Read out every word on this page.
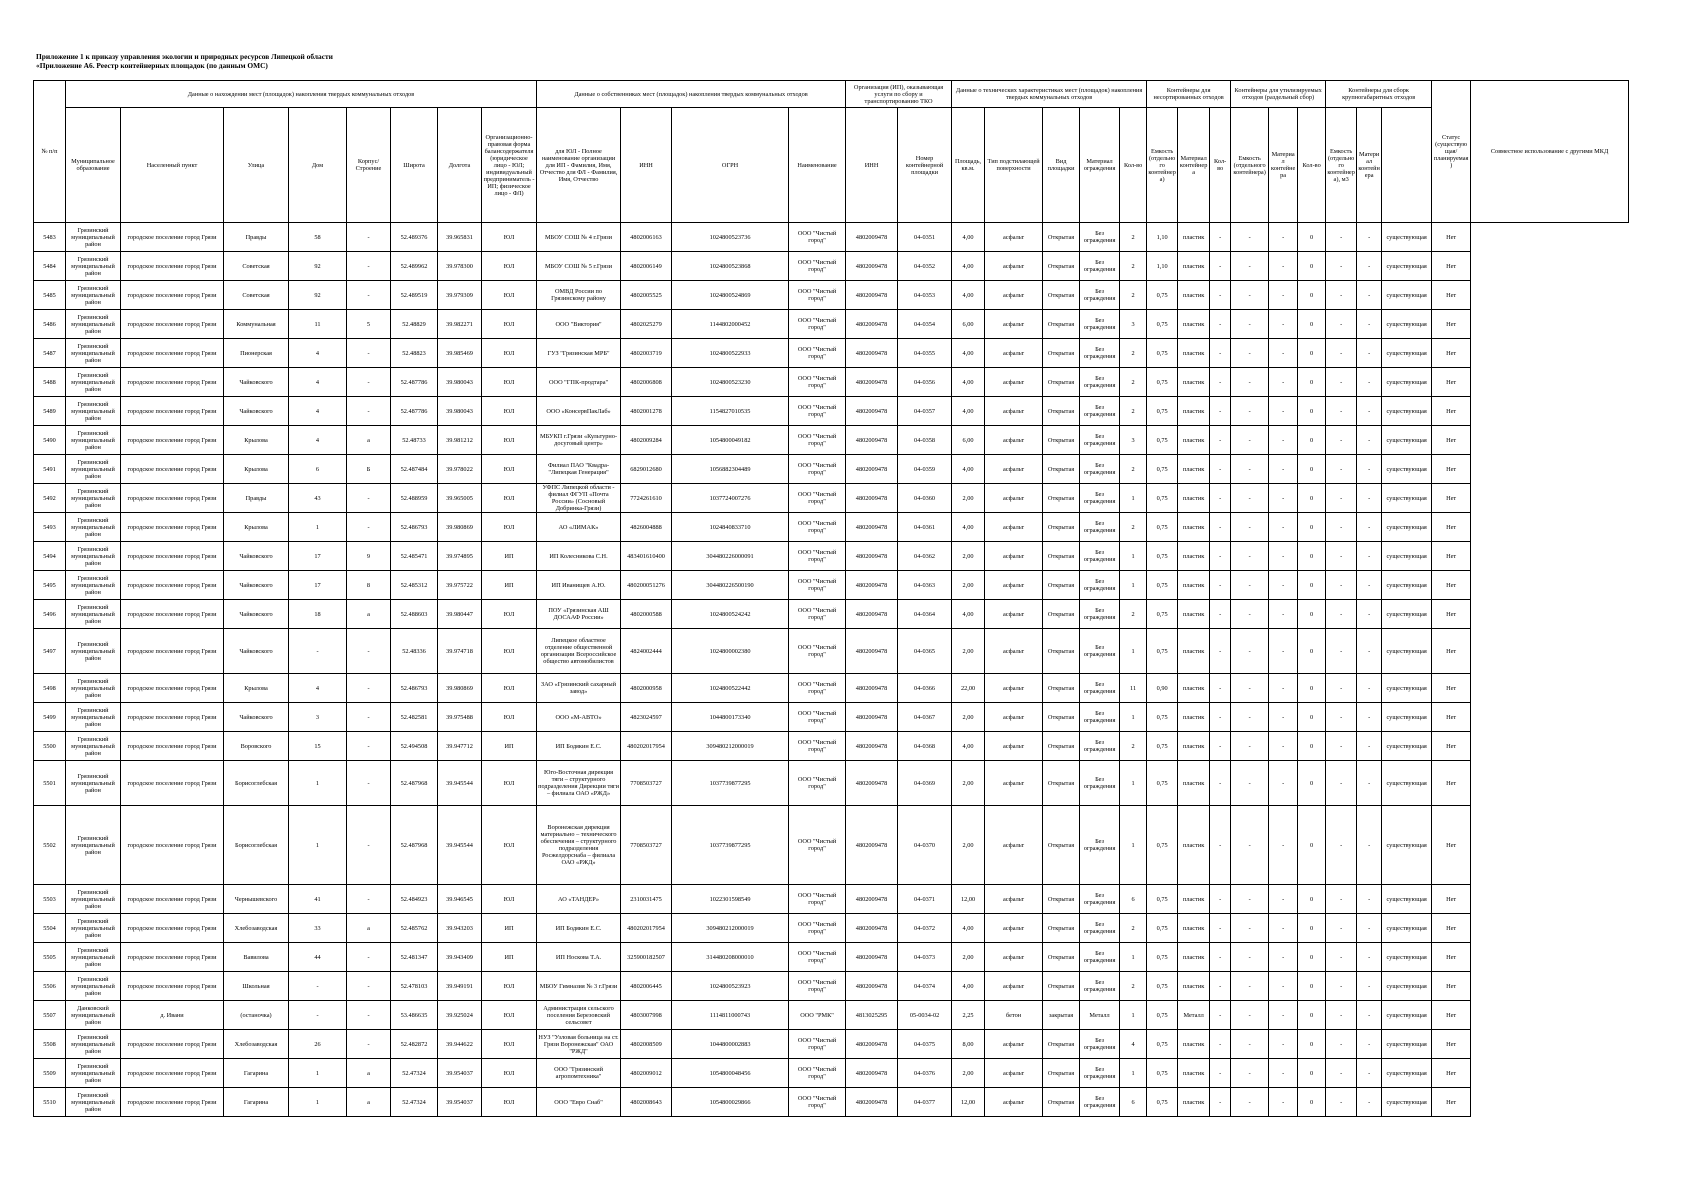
Приложение 1 к приказу управления экологии и природных ресурсов Липецкой области
«Приложение А6. Реестр контейнерных площадок (по данным ОМС)
№ п/п	Данные о нахождении мест (площадок) накопления твердых коммунальных отходов								Данные о собственниках мест (площадок) накопления твердых коммунальных отходов				Организация (ИП), оказывающая услуги по сбору и транспортированию ТКО		Данные о технических характеристиках мест (площадок) накопления твердых коммунальных отходов					Контейнеры для несортированных отходов			Контейнеры для утилизируемых отходов (раздельный сбор)			Контейнеры для сборк крупногабаритных отходов			Статус (существующая/ планируемая)	Совместное использование с другими МКД
	Муниципальное образование	Населенный пункт	Улица	Дом	Корпус/Строение	Широта	Долгота	Организационно-правовая форма балансодержателя (юридическое лицо - ЮЛ; индивидуальный предприниматель - ИП; физическое лицо - ФЛ)	для ЮЛ - Полное наименование организации для ИП - Фамилия, Имя, Отчество для ФЛ - Фамилия, Имя, Отчество	ИНН	ОГРН	Наименование	ИНН	Номер контейнерной площадки	Площадь, кв.м.	Тип подстилающей поверхности	Вид площадки	Материал ограждения	Кол-во	Емкость (отдельного контейнера)	Материал контейнера	Кол-во	Емкость (отдельного контейнера)	Материал контейнера	Кол-во	Емкость (отдельного контейнера), м3	Материал контейнера			
5483	Грязинский муниципальный район	городское поселение город Грязи	Правды	58	-	52.489376	39.965831	ЮЛ	МБОУ СОШ № 4 г.Грязи	4802006163	1024800523736	ООО "Чистый город"	4802009478	04-0351	4,00	асфальт	Открытая	Без ограждения	2	1,10	пластик	-	-	-	0	-	-	существующая	Нет	
5484	Грязинский муниципальный район	городское поселение город Грязи	Советская	92	-	52.489962	39.978300	ЮЛ	МБОУ СОШ № 5 г.Грязи	4802006149	1024800523868	ООО "Чистый город"	4802009478	04-0352	4,00	асфальт	Открытая	Без ограждения	2	1,10	пластик	-	-	-	0	-	-	существующая	Нет	
5485	Грязинский муниципальный район	городское поселение город Грязи	Советская	92	-	52.489519	39.979309	ЮЛ	ОМВД России по Грязинскому району	4802005525	1024800524869	ООО "Чистый город"	4802009478	04-0353	4,00	асфальт	Открытая	Без ограждения	2	0,75	пластик	-	-	-	0	-	-	существующая	Нет	
5486	Грязинский муниципальный район	городское поселение город Грязи	Коммунальная	11	5	52.48829	39.982271	ЮЛ	ООО "Виктория"	4802025279	1144802000452	ООО "Чистый город"	4802009478	04-0354	6,00	асфальт	Открытая	Без ограждения	3	0,75	пластик	-	-	-	0	-	-	существующая	Нет	
5487	Грязинский муниципальный район	городское поселение город Грязи	Пионерская	4	-	52.48823	39.985469	ЮЛ	ГУЗ "Грязинская МРБ"	4802003719	1024800522933	ООО "Чистый город"	4802009478	04-0355	4,00	асфальт	Открытая	Без ограждения	2	0,75	пластик	-	-	-	0	-	-	существующая	Нет	
5488	Грязинский муниципальный район	городское поселение город Грязи	Чайковского	4	-	52.487786	39.980043	ЮЛ	ООО "ГПК-продтара"	4802006808	1024800523230	ООО "Чистый город"	4802009478	04-0356	4,00	асфальт	Открытая	Без ограждения	2	0,75	пластик	-	-	-	0	-	-	существующая	Нет	
5489	Грязинский муниципальный район	городское поселение город Грязи	Чайковского	4	-	52.487786	39.980043	ЮЛ	ООО «КонсервПакЛаб»	4802001278	1154827010535	ООО "Чистый город"	4802009478	04-0357	4,00	асфальт	Открытая	Без ограждения	2	0,75	пластик	-	-	-	0	-	-	существующая	Нет	
5490	Грязинский муниципальный район	городское поселение город Грязи	Крылова	4	а	52.48733	39.981212	ЮЛ	МБУКП г.Грязи «Культурно-досуговый центр»	4802009284	1054800049182	ООО "Чистый город"	4802009478	04-0358	6,00	асфальт	Открытая	Без ограждения	3	0,75	пластик	-	-	-	0	-	-	существующая	Нет	
5491	Грязинский муниципальный район	городское поселение город Грязи	Крылова	6	Б	52.487484	39.978022	ЮЛ	Филиал ПАО "Квадра-"Липецкая Генерация"	6829012680	1056882304489	ООО "Чистый город"	4802009478	04-0359	4,00	асфальт	Открытая	Без ограждения	2	0,75	пластик	-	-	-	0	-	-	существующая	Нет	
5492	Грязинский муниципальный район	городское поселение город Грязи	Правды	43	-	52.488959	39.965005	ЮЛ	УФПС Липецкой области - филиал ФГУП «Почта России» (Сосновый Добринка-Грязи)	7724261610	1037724007276	ООО "Чистый город"	4802009478	04-0360	2,00	асфальт	Открытая	Без ограждения	1	0,75	пластик	-	-	-	0	-	-	существующая	Нет	
5493	Грязинский муниципальный район	городское поселение город Грязи	Крылова	1	-	52.486793	39.980869	ЮЛ	АО «ЛИМАК»	4826004888	1024840833710	ООО "Чистый город"	4802009478	04-0361	4,00	асфальт	Открытая	Без ограждения	2	0,75	пластик	-	-	-	0	-	-	существующая	Нет	
5494	Грязинский муниципальный район	городское поселение город Грязи	Чайковского	17	9	52.485471	39.974895	ИП	ИП Колесникова С.Н.	483401610400	304480226000091	ООО "Чистый город"	4802009478	04-0362	2,00	асфальт	Открытая	Без ограждения	1	0,75	пластик	-	-	-	0	-	-	существующая	Нет	
5495	Грязинский муниципальный район	городское поселение город Грязи	Чайковского	17	8	52.485312	39.975722	ИП	ИП Иванищев А.Ю.	480200051276	304480226500190	ООО "Чистый город"	4802009478	04-0363	2,00	асфальт	Открытая	Без ограждения	1	0,75	пластик	-	-	-	0	-	-	существующая	Нет	
5496	Грязинский муниципальный район	городское поселение город Грязи	Чайковского	18	а	52.488603	39.980447	ЮЛ	ПОУ «Грязинская АШ ДОСААФ России»	4802000588	1024800524242	ООО "Чистый город"	4802009478	04-0364	4,00	асфальт	Открытая	Без ограждения	2	0,75	пластик	-	-	-	0	-	-	существующая	Нет	
5497	Грязинский муниципальный район	городское поселение город Грязи	Чайковского	-	-	52.48336	39.974718	ЮЛ	Липецкое областное отделение общественной организации Всероссийское общество автомобилистов	4824002444	1024800002380	ООО "Чистый город"	4802009478	04-0365	2,00	асфальт	Открытая	Без ограждения	1	0,75	пластик	-	-	-	0	-	-	существующая	Нет	
5498	Грязинский муниципальный район	городское поселение город Грязи	Крылова	4	-	52.486793	39.980869	ЮЛ	ЗАО «Грязинский сахарный завод»	4802000958	1024800522442	ООО "Чистый город"	4802009478	04-0366	22,00	асфальт	Открытая	Без ограждения	11	0,90	пластик	-	-	-	0	-	-	существующая	Нет	
5499	Грязинский муниципальный район	городское поселение город Грязи	Чайковского	3	-	52.482581	39.975488	ЮЛ	ООО «М-АВТО»	4823024597	1044800173340	ООО "Чистый город"	4802009478	04-0367	2,00	асфальт	Открытая	Без ограждения	1	0,75	пластик	-	-	-	0	-	-	существующая	Нет	
5500	Грязинский муниципальный район	городское поселение город Грязи	Воровского	15	-	52.494508	39.947712	ИП	ИП Бодякин Е.С.	480202017954	309480212000019	ООО "Чистый город"	4802009478	04-0368	4,00	асфальт	Открытая	Без ограждения	2	0,75	пластик	-	-	-	0	-	-	существующая	Нет	
5501	Грязинский муниципальный район	городское поселение город Грязи	Борисоглебская	1	-	52.487968	39.945544	ЮЛ	Юго-Восточная дирекция тяги – структурного подразделения Дирекции тяги – филиала ОАО «РЖД»	7708503727	1037739877295	ООО "Чистый город"	4802009478	04-0369	2,00	асфальт	Открытая	Без ограждения	1	0,75	пластик	-	-	-	0	-	-	существующая	Нет	
5502	Грязинский муниципальный район	городское поселение город Грязи	Борисоглебская	1	-	52.487968	39.945544	ЮЛ	Воронежская дирекция материально – технического обеспечения – структурного подразделения Росжелдорснаба – филиала ОАО «РЖД»	7708503727	1037739877295	ООО "Чистый город"	4802009478	04-0370	2,00	асфальт	Открытая	Без ограждения	1	0,75	пластик	-	-	-	0	-	-	существующая	Нет	
5503	Грязинский муниципальный район	городское поселение город Грязи	Чернышевского	41	-	52.484923	39.946545	ЮЛ	АО «ТАНДЕР»	2310031475	1022301598549	ООО "Чистый город"	4802009478	04-0371	12,00	асфальт	Открытая	Без ограждения	6	0,75	пластик	-	-	-	0	-	-	существующая	Нет	
5504	Грязинский муниципальный район	городское поселение город Грязи	Хлебозаводская	33	а	52.485762	39.943203	ИП	ИП Бодякин Е.С.	480202017954	309480212000019	ООО "Чистый город"	4802009478	04-0372	4,00	асфальт	Открытая	Без ограждения	2	0,75	пластик	-	-	-	0	-	-	существующая	Нет	
5505	Грязинский муниципальный район	городское поселение город Грязи	Вавилова	44	-	52.481347	39.943409	ИП	ИП Носкова Т.А.	325900182507	314480208000010	ООО "Чистый город"	4802009478	04-0373	2,00	асфальт	Открытая	Без ограждения	1	0,75	пластик	-	-	-	0	-	-	существующая	Нет	
5506	Грязинский муниципальный район	городское поселение город Грязи	Школьная	-	-	52.478103	39.949191	ЮЛ	МБОУ Гимназия № 3 г.Грязи	4802006445	1024800523923	ООО "Чистый город"	4802009478	04-0374	4,00	асфальт	Открытая	Без ограждения	2	0,75	пластик	-	-	-	0	-	-	существующая	Нет	
5507	Данковский муниципальный район	д. Ивани	(останочка)	-	-	53.486635	39.925024	ЮЛ	Администрация сельского поселения Березовский сельсовет	4803007998	1114811000743	ООО "РМК"	4813025295	05-0034-02	2,25	бетон	закрытая	Металл	1	0,75	Металл	-	-	-	0	-	-	существующая	Нет	
5508	Грязинский муниципальный район	городское поселение город Грязи	Хлебозаводская	26	-	52.482872	39.944622	ЮЛ	НУЗ "Узловая больница на ст. Грязи Воронежская" ОАО "РЖД"	4802008509	1044800002883	ООО "Чистый город"	4802009478	04-0375	8,00	асфальт	Открытая	Без ограждения	4	0,75	пластик	-	-	-	0	-	-	существующая	Нет	
5509	Грязинский муниципальный район	городское поселение город Грязи	Гагарина	1	а	52.47324	39.954037	ЮЛ	ООО "Грязинский агропомтехника"	4802009012	1054800048456	ООО "Чистый город"	4802009478	04-0376	2,00	асфальт	Открытая	Без ограждения	1	0,75	пластик	-	-	-	0	-	-	существующая	Нет	
5510	Грязинский муниципальный район	городское поселение город Грязи	Гагарина	1	а	52.47324	39.954037	ЮЛ	ООО "Евро Снаб"	4802008643	1054800029866	ООО "Чистый город"	4802009478	04-0377	12,00	асфальт	Открытая	Без ограждения	6	0,75	пластик	-	-	-	0	-	-	существующая	Нет	
